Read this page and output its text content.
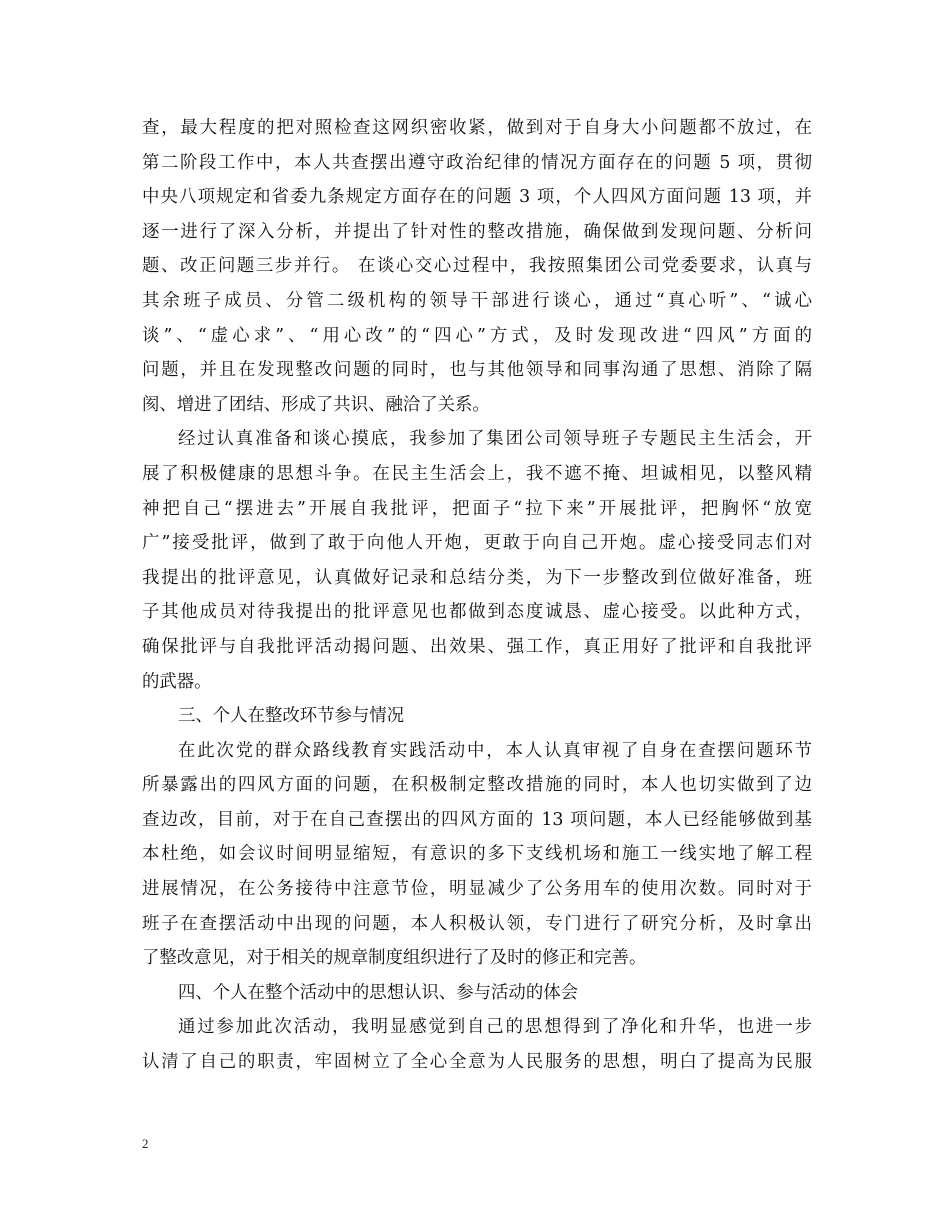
查，最大程度的把对照检查这网织密收紧，做到对于自身大小问题都不放过，在
第二阶段工作中，本人共查摆出遵守政治纪律的情况方面存在的问题 5 项，贯彻
中央八项规定和省委九条规定方面存在的问题 3 项，个人四风方面问题 13 项，并
逐一进行了深入分析，并提出了针对性的整改措施，确保做到发现问题、分析问
题、改正问题三步并行。 在谈心交心过程中，我按照集团公司党委要求，认真与
其余班子成员、分管二级机构的领导干部进行谈心，通过“真心听”、“诚心
谈”、“虚心求”、“用心改”的“四心”方式，及时发现改进“四风”方面的
问题，并且在发现整改问题的同时，也与其他领导和同事沟通了思想、消除了隔
阂、增进了团结、形成了共识、融洽了关系。
经过认真准备和谈心摸底，我参加了集团公司领导班子专题民主生活会，开
展了积极健康的思想斗争。在民主生活会上，我不遮不掩、坦诚相见，以整风精
神把自己“摆进去”开展自我批评，把面子“拉下来”开展批评，把胸怀“放宽
广”接受批评，做到了敢于向他人开炮，更敢于向自己开炮。虚心接受同志们对
我提出的批评意见，认真做好记录和总结分类，为下一步整改到位做好准备，班
子其他成员对待我提出的批评意见也都做到态度诚恳、虚心接受。以此种方式，
确保批评与自我批评活动揭问题、出效果、强工作，真正用好了批评和自我批评
的武器。
三、个人在整改环节参与情况
在此次党的群众路线教育实践活动中，本人认真审视了自身在查摆问题环节
所暴露出的四风方面的问题，在积极制定整改措施的同时，本人也切实做到了边
查边改，目前，对于在自己查摆出的四风方面的 13 项问题，本人已经能够做到基
本杜绝，如会议时间明显缩短，有意识的多下支线机场和施工一线实地了解工程
进展情况，在公务接待中注意节俭，明显减少了公务用车的使用次数。同时对于
班子在查摆活动中出现的问题，本人积极认领，专门进行了研究分析，及时拿出
了整改意见，对于相关的规章制度组织进行了及时的修正和完善。
四、个人在整个活动中的思想认识、参与活动的体会
通过参加此次活动，我明显感觉到自己的思想得到了净化和升华，也进一步
认清了自己的职责，牢固树立了全心全意为人民服务的思想，明白了提高为民服
2
